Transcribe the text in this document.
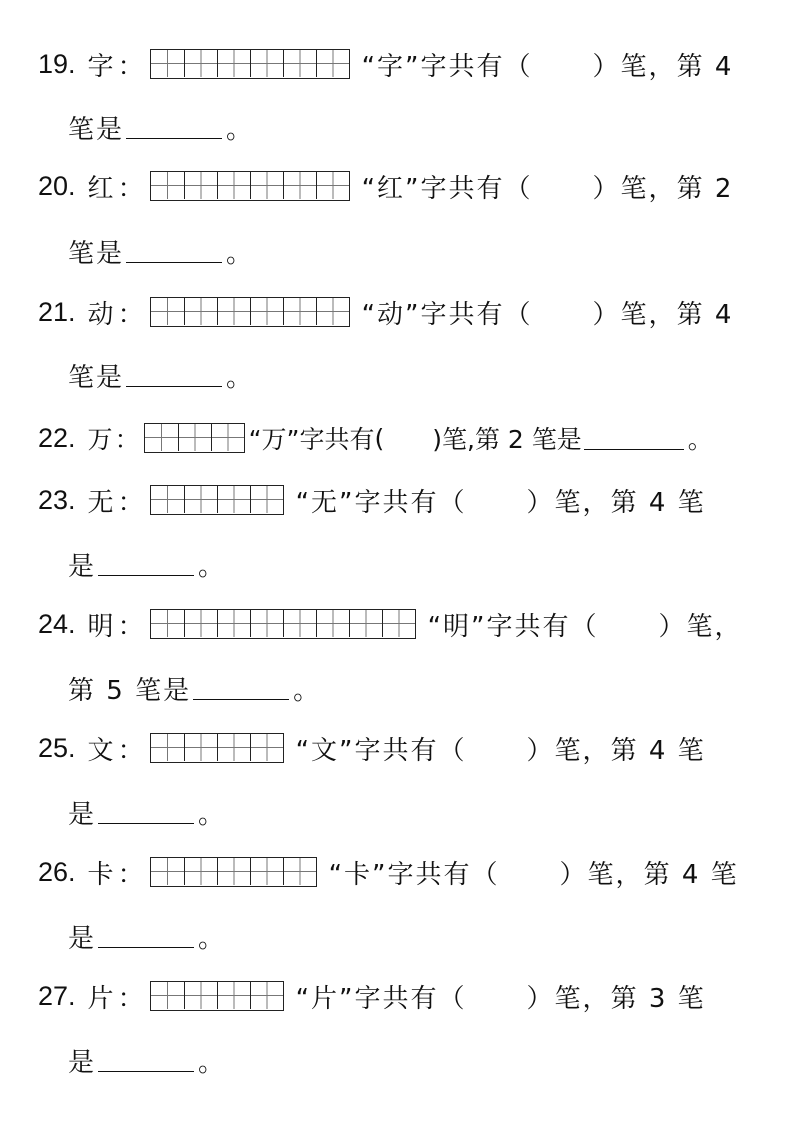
19. 字 ：	“字”字共有 （ ）笔， 第 4
笔是	。
20. 红 ：	“红”字共有 （ ）笔， 第 2
笔是	。
21. 动 ：	“动”字共有 （ ）笔， 第 4
笔是	。
22. 万 ：	“万”字共有 ( )笔, 第 2 笔是	。
23. 无 ：	“无”字共有 （ ）笔， 第 4 笔
是	。
24. 明 ：	“明”字共有 （ ）笔，
第 5 笔是	。
25. 文 ：	“文”字共有 （ ）笔， 第 4 笔
是	。
26. 卡 ：	“卡”字共有 （ ）笔， 第 4 笔
是	。
27. 片 ：	“片”字共有 （ ）笔， 第 3 笔
是	。
